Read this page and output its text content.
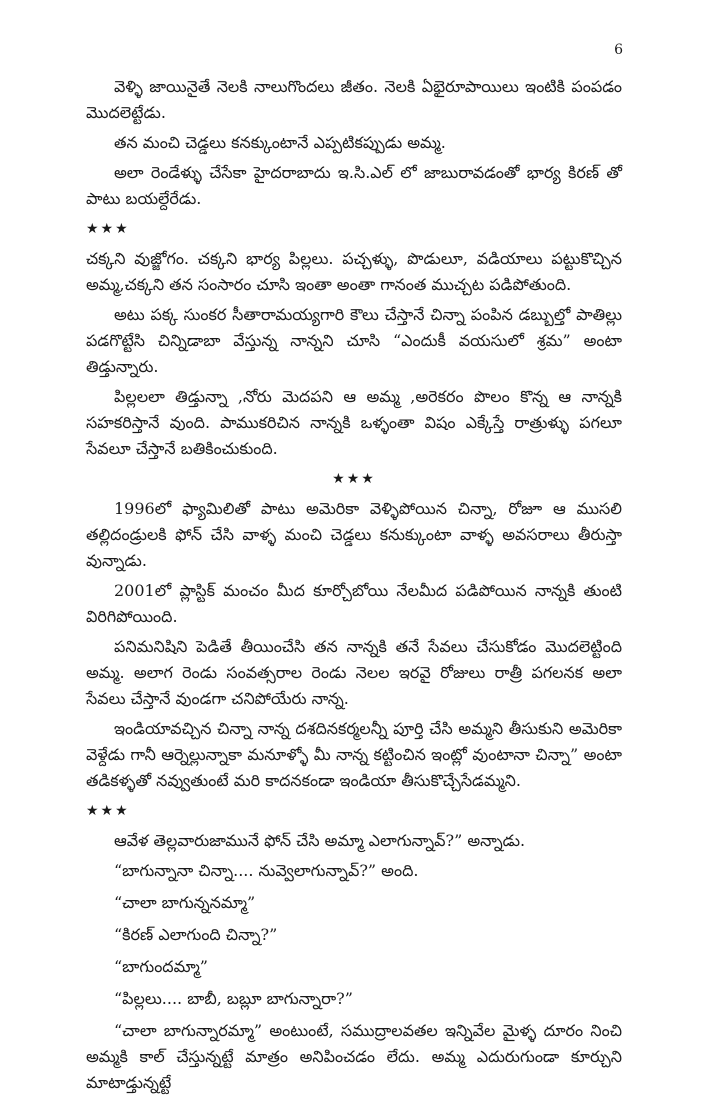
6
వెళ్ళి జాయినైతే నెలకి నాలుగొందలు జీతం. నెలకి ఏభైరూపాయిలు ఇంటికి పంపడం మొదలెట్టేడు.
తన మంచి చెడ్డలు కనక్కుంటానే ఎప్పటికప్పుడు అమ్మ.
అలా రెండేళ్ళు చేసేకా హైదరాబాదు ఇ.సి.ఎల్ లో జాబురావడంతో భార్య కిరణ్ తో పాటు బయల్దేరేడు.
★★★
చక్కని వుజ్జోగం. చక్కని భార్య పిల్లలు. పచ్చళ్ళు, పొడులూ, వడియాలు పట్టుకొచ్చిన అమ్మ,చక్కని తన సంసారం చూసి ఇంతా అంతా గానంత ముచ్చట పడిపోతుంది.
అటు పక్క సుంకర సీతారామయ్యగారి కౌలు చేస్తానే చిన్నా పంపిన డబ్బుల్తో పాతిల్లు పడగొట్టేసి చిన్నిడాబా వేస్తున్న నాన్నని చూసి “ఎందుకీ వయసులో శ్రమ” అంటా తిడ్తున్నారు.
పిల్లలలా తిడ్తున్నా ,నోరు మెదపని ఆ అమ్మ ,అరెకరం పొలం కొన్న ఆ నాన్నకి సహకరిస్తానే వుంది. పాముకరిచిన నాన్నకి ఒళ్ళంతా విషం ఎక్కేస్తే రాత్రుళ్ళు పగలూ సేవలూ చేస్తానే బతికించుకుంది.
★★★
1996లో ఫ్యామిలితో పాటు అమెరికా వెళ్ళిపోయిన చిన్నా, రోజూ ఆ ముసలి తల్లిదండ్రులకి ఫోన్ చేసి వాళ్ళ మంచి చెడ్డలు కనుక్కుంటా వాళ్ళ అవసరాలు తీరుస్తా వున్నాడు.
2001లో ప్లాస్టిక్ మంచం మీద కూర్చోబోయి నేలమీద పడిపోయిన నాన్నకి తుంటి విరిగిపోయింది.
పనిమనిషిని పెడితే తీయించేసి తన నాన్నకి తనే సేవలు చేసుకోడం మొదలెట్టింది అమ్మ. అలాగ రెండు సంవత్సరాల రెండు నెలల ఇరవై రోజులు రాత్రీ పగలనక అలా సేవలు చేస్తానే వుండగా చనిపోయేరు నాన్న.
ఇండియావచ్చిన చిన్నా నాన్న దశదినకర్మలన్నీ పూర్తి చేసి అమ్మని తీసుకుని అమెరికా వెళ్దేడు గానీ ఆర్నెల్లున్నాకా మనూళ్ళో మీ నాన్న కట్టించిన ఇంట్లో వుంటానా చిన్నా” అంటా తడికళ్ళతో నవ్వుతుంటే మరి కాదనకండా ఇండియా తీసుకొచ్చేసేడమ్మని.
★★★
ఆవేళ తెల్లవారుజామునే ఫోన్ చేసి అమ్మా ఎలాగున్నావ్?” అన్నాడు.
“బాగున్నానా చిన్నా.... నువ్వెలాగున్నావ్?” అంది.
“చాలా బాగున్ననమ్మా”
“కిరణ్ ఎలాగుంది చిన్నా?”
“బాగుందమ్మా”
“పిల్లలు.... బాబీ, బబ్లూ బాగున్నారా?”
“చాలా బాగున్నారమ్మా” అంటుంటే, సముద్రాలవతల ఇన్నివేల మైళ్ళ దూరం నించి అమ్మకి కాల్ చేస్తున్నట్టే మాత్రం అనిపించడం లేదు. అమ్మ ఎదురుగుండా కూర్చుని మాటాడ్తున్నట్టే
